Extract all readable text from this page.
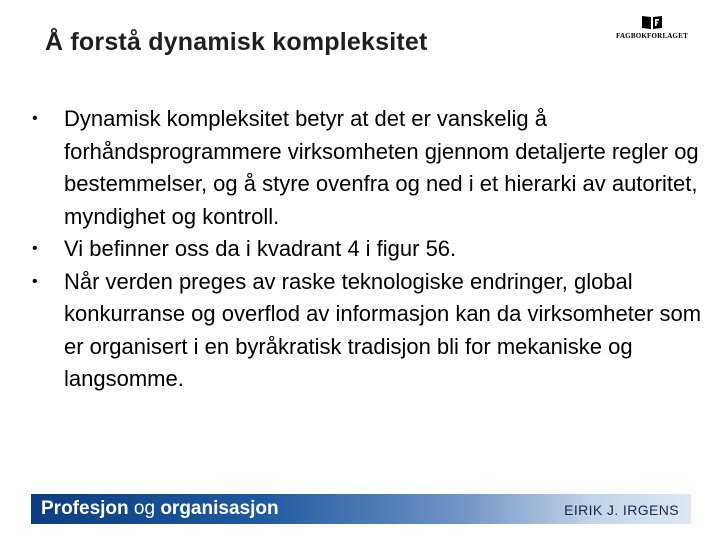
Å forstå dynamisk kompleksitet	FAGBOKFORLAGET
• Dynamisk kompleksitet betyr at det er vanskelig å forhåndsprogrammere virksomheten gjennom detaljerte regler og bestemmelser, og å styre ovenfra og ned i et hierarki av autoritet, myndighet og kontroll.
• Vi befinner oss da i kvadrant 4 i figur 56.
• Når verden preges av raske teknologiske endringer, global konkurranse og overflod av informasjon kan da virksomheter som er organisert i en byråkratisk tradisjon bli for mekaniske og langsomme.
Profesjon og organisasjon	EIRIK J. IRGENS
